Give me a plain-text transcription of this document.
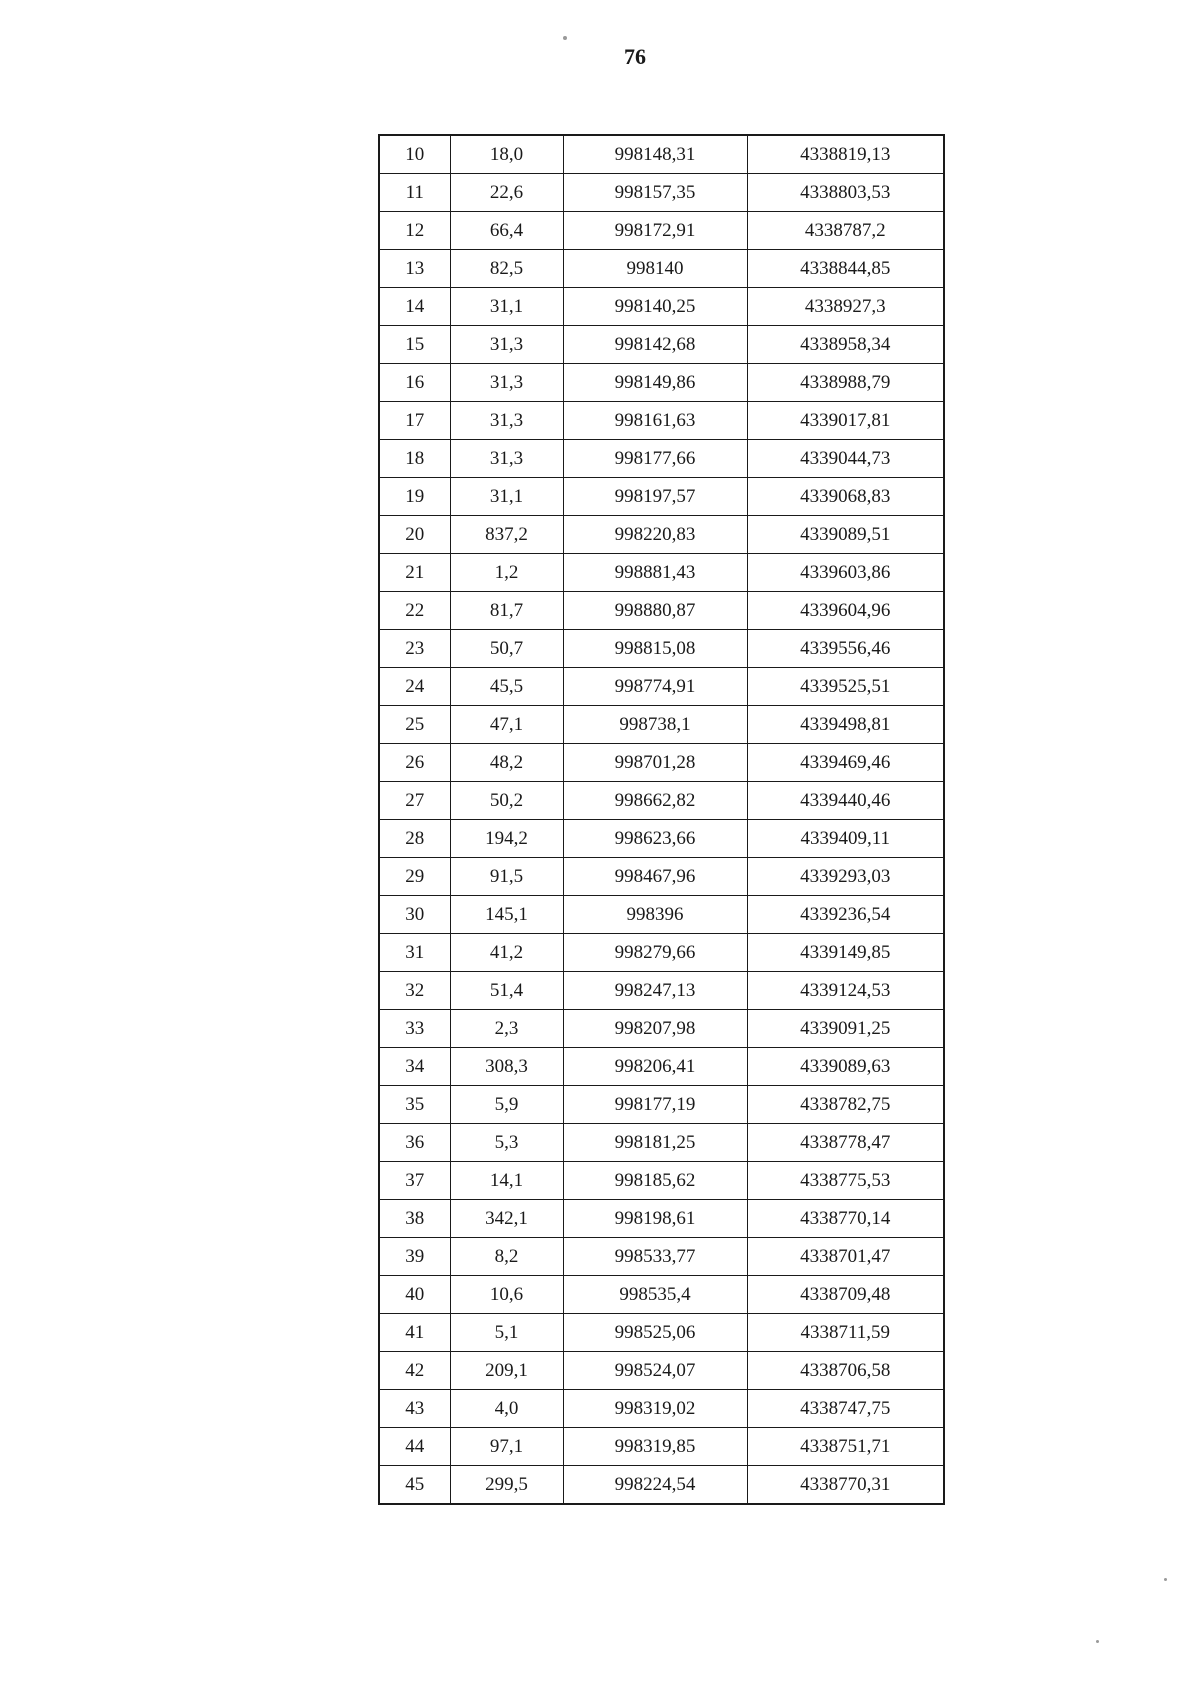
76
10	18,0	998148,31	4338819,13
11	22,6	998157,35	4338803,53
12	66,4	998172,91	4338787,2
13	82,5	998140	4338844,85
14	31,1	998140,25	4338927,3
15	31,3	998142,68	4338958,34
16	31,3	998149,86	4338988,79
17	31,3	998161,63	4339017,81
18	31,3	998177,66	4339044,73
19	31,1	998197,57	4339068,83
20	837,2	998220,83	4339089,51
21	1,2	998881,43	4339603,86
22	81,7	998880,87	4339604,96
23	50,7	998815,08	4339556,46
24	45,5	998774,91	4339525,51
25	47,1	998738,1	4339498,81
26	48,2	998701,28	4339469,46
27	50,2	998662,82	4339440,46
28	194,2	998623,66	4339409,11
29	91,5	998467,96	4339293,03
30	145,1	998396	4339236,54
31	41,2	998279,66	4339149,85
32	51,4	998247,13	4339124,53
33	2,3	998207,98	4339091,25
34	308,3	998206,41	4339089,63
35	5,9	998177,19	4338782,75
36	5,3	998181,25	4338778,47
37	14,1	998185,62	4338775,53
38	342,1	998198,61	4338770,14
39	8,2	998533,77	4338701,47
40	10,6	998535,4	4338709,48
41	5,1	998525,06	4338711,59
42	209,1	998524,07	4338706,58
43	4,0	998319,02	4338747,75
44	97,1	998319,85	4338751,71
45	299,5	998224,54	4338770,31
